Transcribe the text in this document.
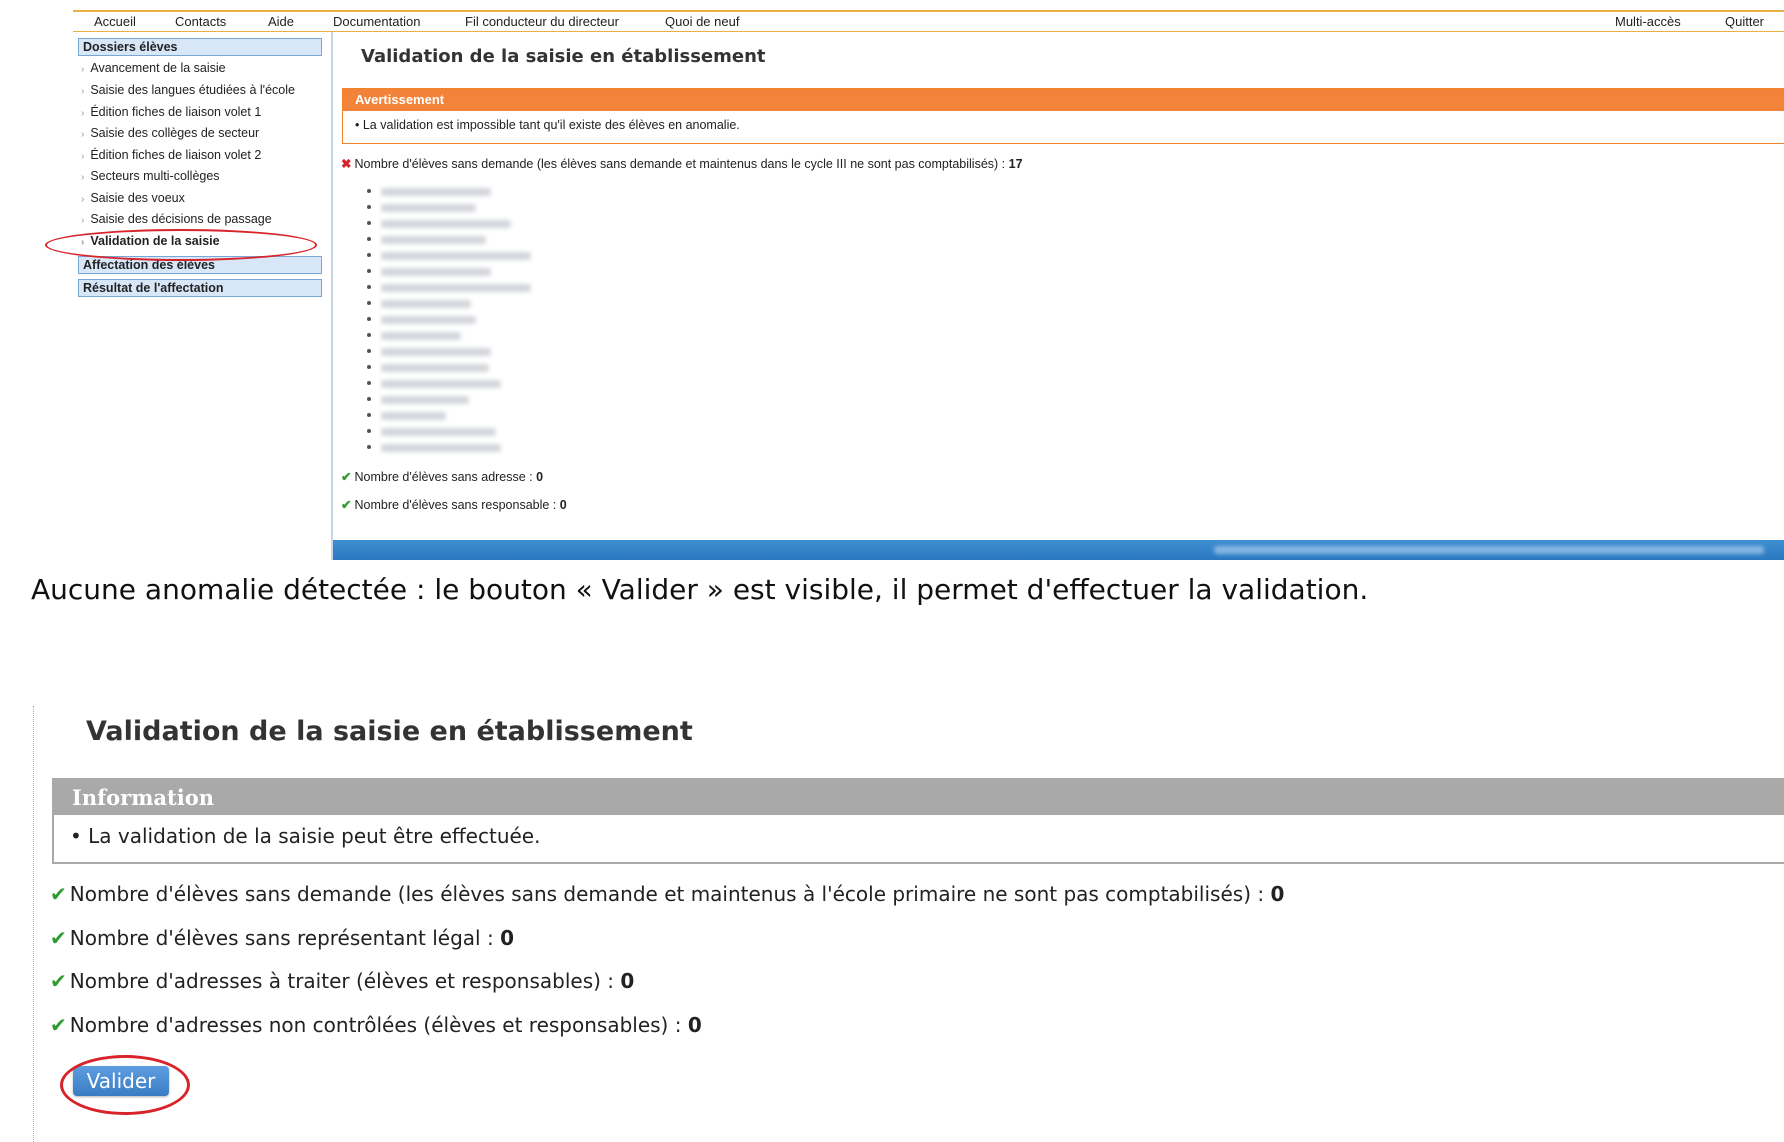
Accueil	Contacts	Aide	Documentation	Fil conducteur du directeur	Quoi de neuf	Multi-accès	Quitter
Dossiers élèves
› Avancement de la saisie
› Saisie des langues étudiées à l'école
› Édition fiches de liaison volet 1
› Saisie des collèges de secteur
› Édition fiches de liaison volet 2
› Secteurs multi-collèges
› Saisie des voeux
› Saisie des décisions de passage
› Validation de la saisie
Affectation des élèves
Résultat de l'affectation
Validation de la saisie en établissement
Avertissement
• La validation est impossible tant qu'il existe des élèves en anomalie.
✖ Nombre d'élèves sans demande (les élèves sans demande et maintenus dans le cycle III ne sont pas comptabilisés) : 17
✔ Nombre d'élèves sans adresse : 0
✔ Nombre d'élèves sans responsable : 0
Aucune anomalie détectée : le bouton « Valider » est visible, il permet d'effectuer la validation.
Validation de la saisie en établissement
Information
• La validation de la saisie peut être effectuée.
✔ Nombre d'élèves sans demande (les élèves sans demande et maintenus à l'école primaire ne sont pas comptabilisés) : 0
✔ Nombre d'élèves sans représentant légal : 0
✔ Nombre d'adresses à traiter (élèves et responsables) : 0
✔ Nombre d'adresses non contrôlées (élèves et responsables) : 0
Valider
